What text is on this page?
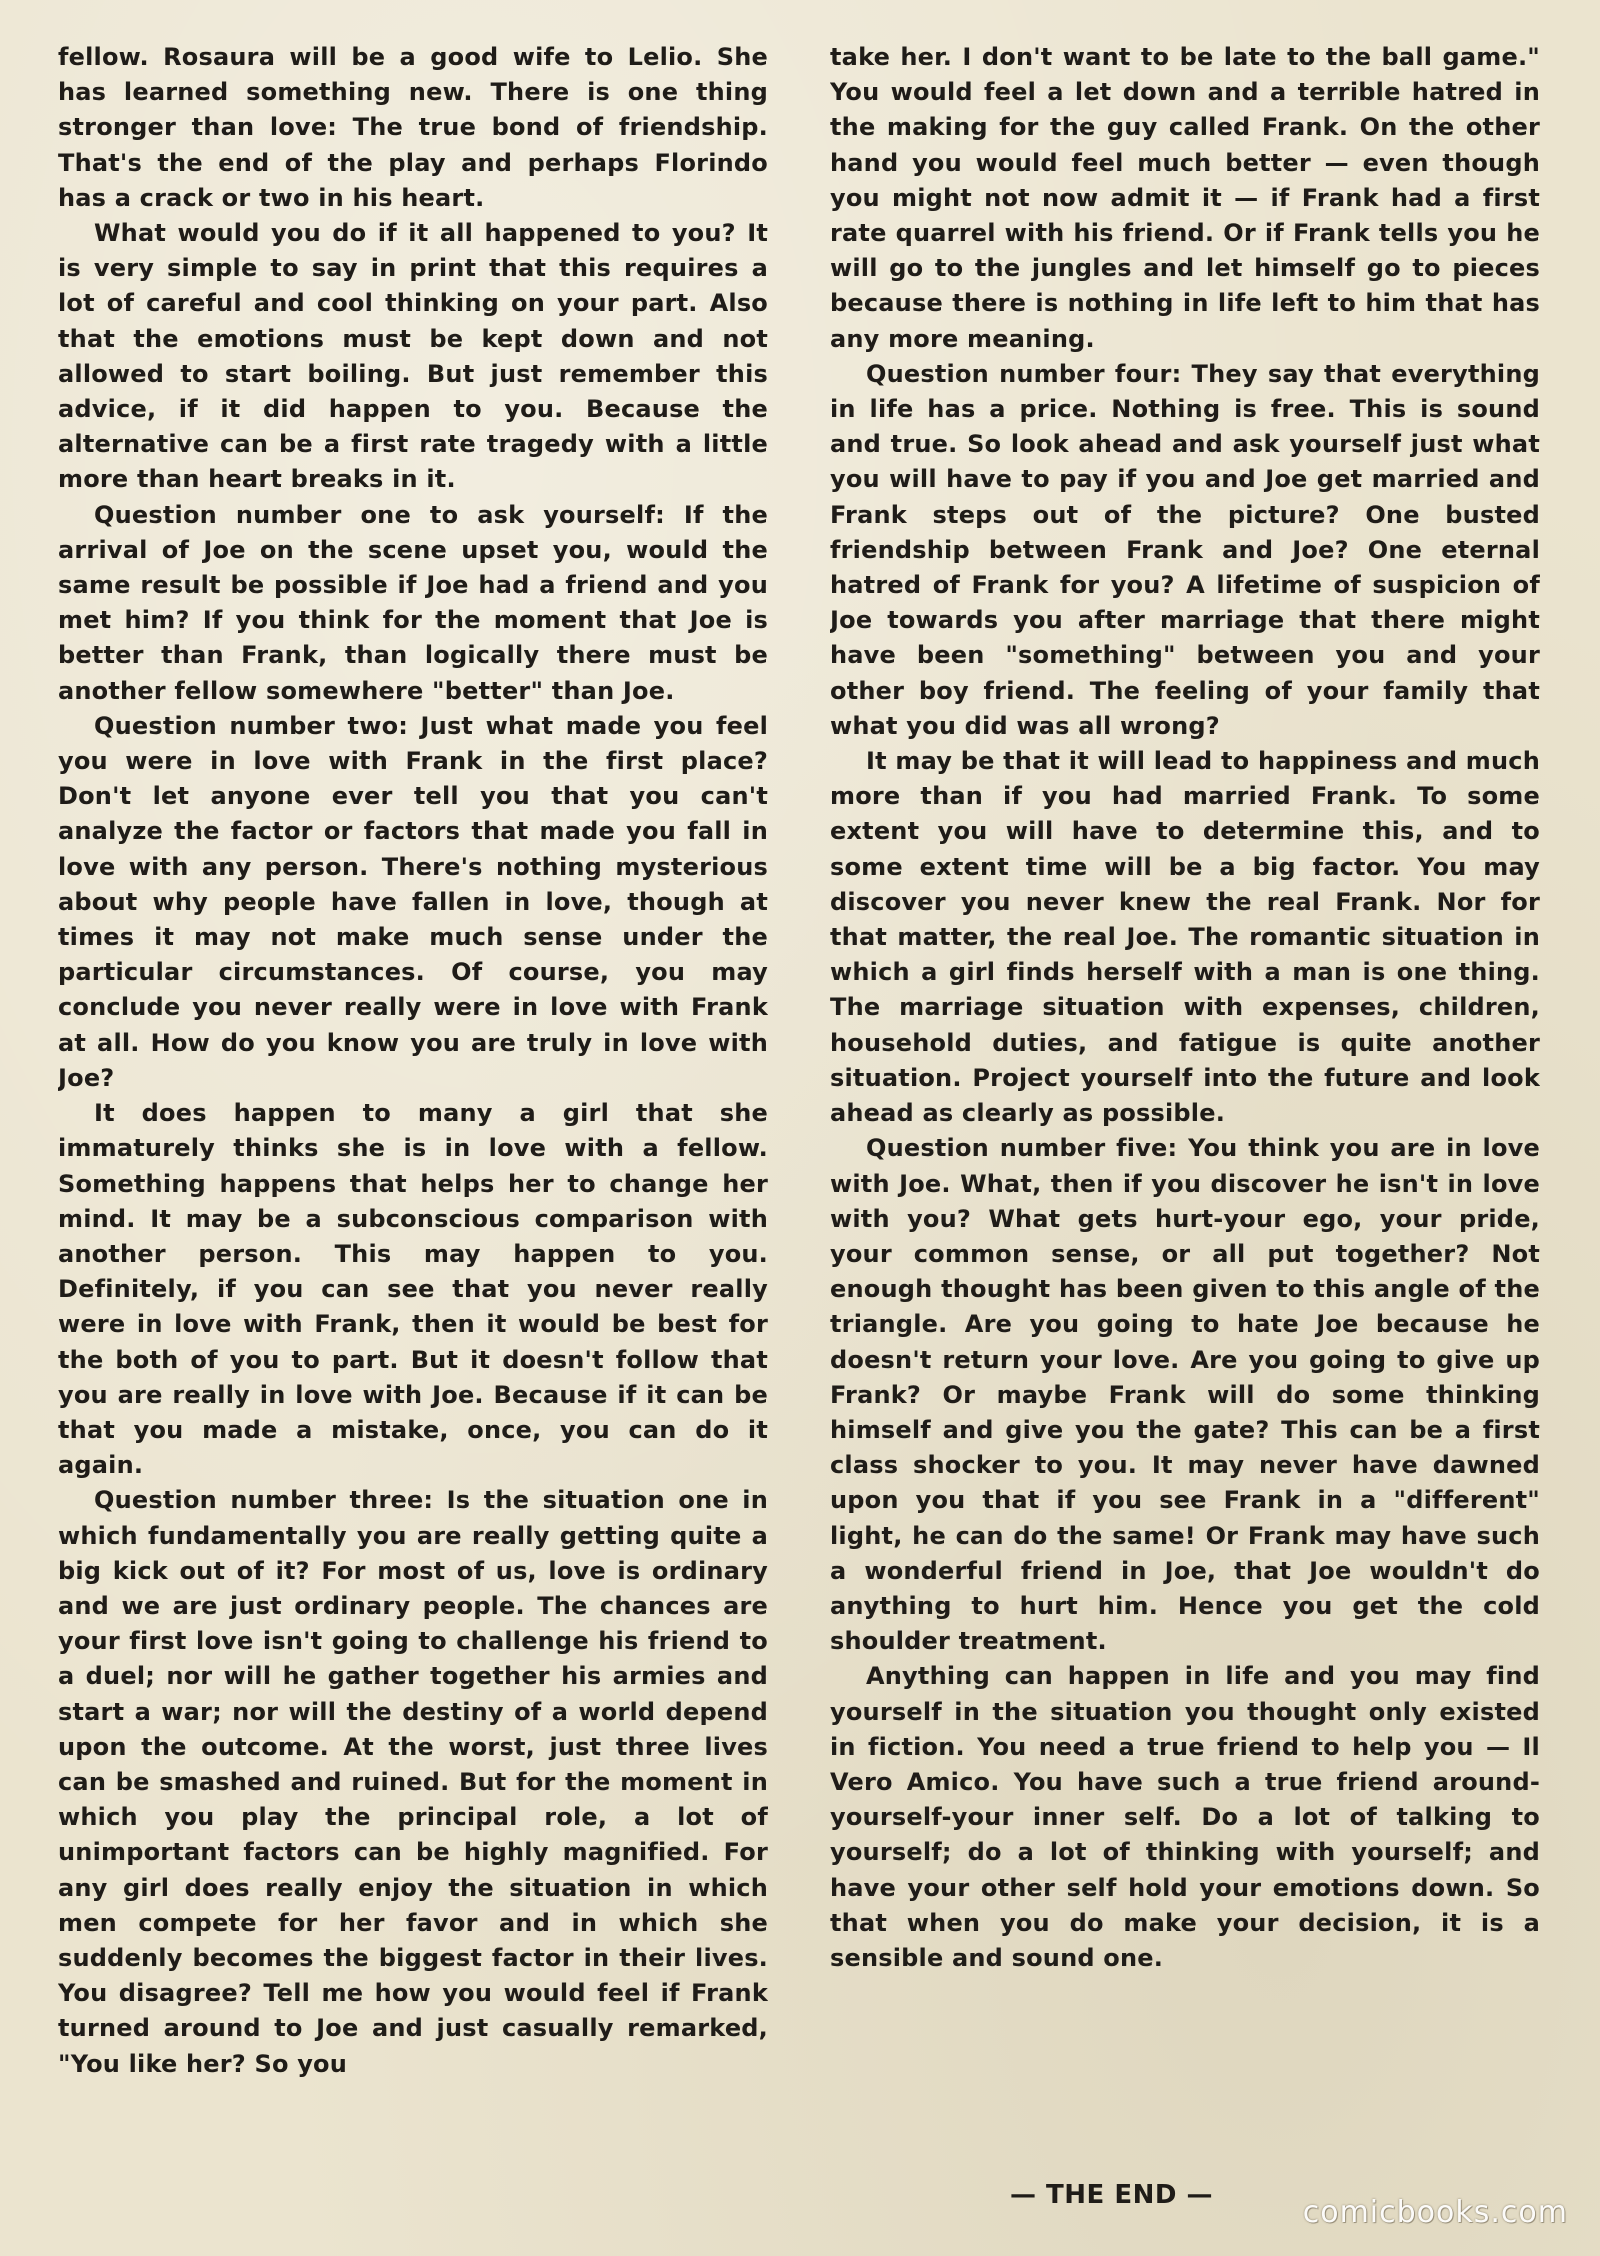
fellow. Rosaura will be a good wife to Lelio. She has learned something new. There is one thing stronger than love: The true bond of friendship. That's the end of the play and perhaps Florindo has a crack or two in his heart.

What would you do if it all happened to you? It is very simple to say in print that this requires a lot of careful and cool thinking on your part. Also that the emotions must be kept down and not allowed to start boiling. But just remember this advice, if it did happen to you. Because the alternative can be a first rate tragedy with a little more than heart breaks in it.

Question number one to ask yourself: If the arrival of Joe on the scene upset you, would the same result be possible if Joe had a friend and you met him? If you think for the moment that Joe is better than Frank, than logically there must be another fellow somewhere "better" than Joe.

Question number two: Just what made you feel you were in love with Frank in the first place? Don't let anyone ever tell you that you can't analyze the factor or factors that made you fall in love with any person. There's nothing mysterious about why people have fallen in love, though at times it may not make much sense under the particular circumstances. Of course, you may conclude you never really were in love with Frank at all. How do you know you are truly in love with Joe?

It does happen to many a girl that she immaturely thinks she is in love with a fellow. Something happens that helps her to change her mind. It may be a subconscious comparison with another person. This may happen to you. Definitely, if you can see that you never really were in love with Frank, then it would be best for the both of you to part. But it doesn't follow that you are really in love with Joe. Because if it can be that you made a mistake, once, you can do it again.

Question number three: Is the situation one in which fundamentally you are really getting quite a big kick out of it? For most of us, love is ordinary and we are just ordinary people. The chances are your first love isn't going to challenge his friend to a duel; nor will he gather together his armies and start a war; nor will the destiny of a world depend upon the outcome. At the worst, just three lives can be smashed and ruined. But for the moment in which you play the principal role, a lot of unimportant factors can be highly magnified. For any girl does really enjoy the situation in which men compete for her favor and in which she suddenly becomes the biggest factor in their lives. You disagree? Tell me how you would feel if Frank turned around to Joe and just casually remarked, "You like her? So you

take her. I don't want to be late to the ball game." You would feel a let down and a terrible hatred in the making for the guy called Frank. On the other hand you would feel much better — even though you might not now admit it — if Frank had a first rate quarrel with his friend. Or if Frank tells you he will go to the jungles and let himself go to pieces because there is nothing in life left to him that has any more meaning.

Question number four: They say that everything in life has a price. Nothing is free. This is sound and true. So look ahead and ask yourself just what you will have to pay if you and Joe get married and Frank steps out of the picture? One busted friendship between Frank and Joe? One eternal hatred of Frank for you? A lifetime of suspicion of Joe towards you after marriage that there might have been "something" between you and your other boy friend. The feeling of your family that what you did was all wrong?

It may be that it will lead to happiness and much more than if you had married Frank. To some extent you will have to determine this, and to some extent time will be a big factor. You may discover you never knew the real Frank. Nor for that matter, the real Joe. The romantic situation in which a girl finds herself with a man is one thing. The marriage situation with expenses, children, household duties, and fatigue is quite another situation. Project yourself into the future and look ahead as clearly as possible.

Question number five: You think you are in love with Joe. What, then if you discover he isn't in love with you? What gets hurt-your ego, your pride, your common sense, or all put together? Not enough thought has been given to this angle of the triangle. Are you going to hate Joe because he doesn't return your love. Are you going to give up Frank? Or maybe Frank will do some thinking himself and give you the gate? This can be a first class shocker to you. It may never have dawned upon you that if you see Frank in a "different" light, he can do the same! Or Frank may have such a wonderful friend in Joe, that Joe wouldn't do anything to hurt him. Hence you get the cold shoulder treatment.

Anything can happen in life and you may find yourself in the situation you thought only existed in fiction. You need a true friend to help you — Il Vero Amico. You have such a true friend around-yourself-your inner self. Do a lot of talking to yourself; do a lot of thinking with yourself; and have your other self hold your emotions down. So that when you do make your decision, it is a sensible and sound one.

— THE END —	comicbooks.com
